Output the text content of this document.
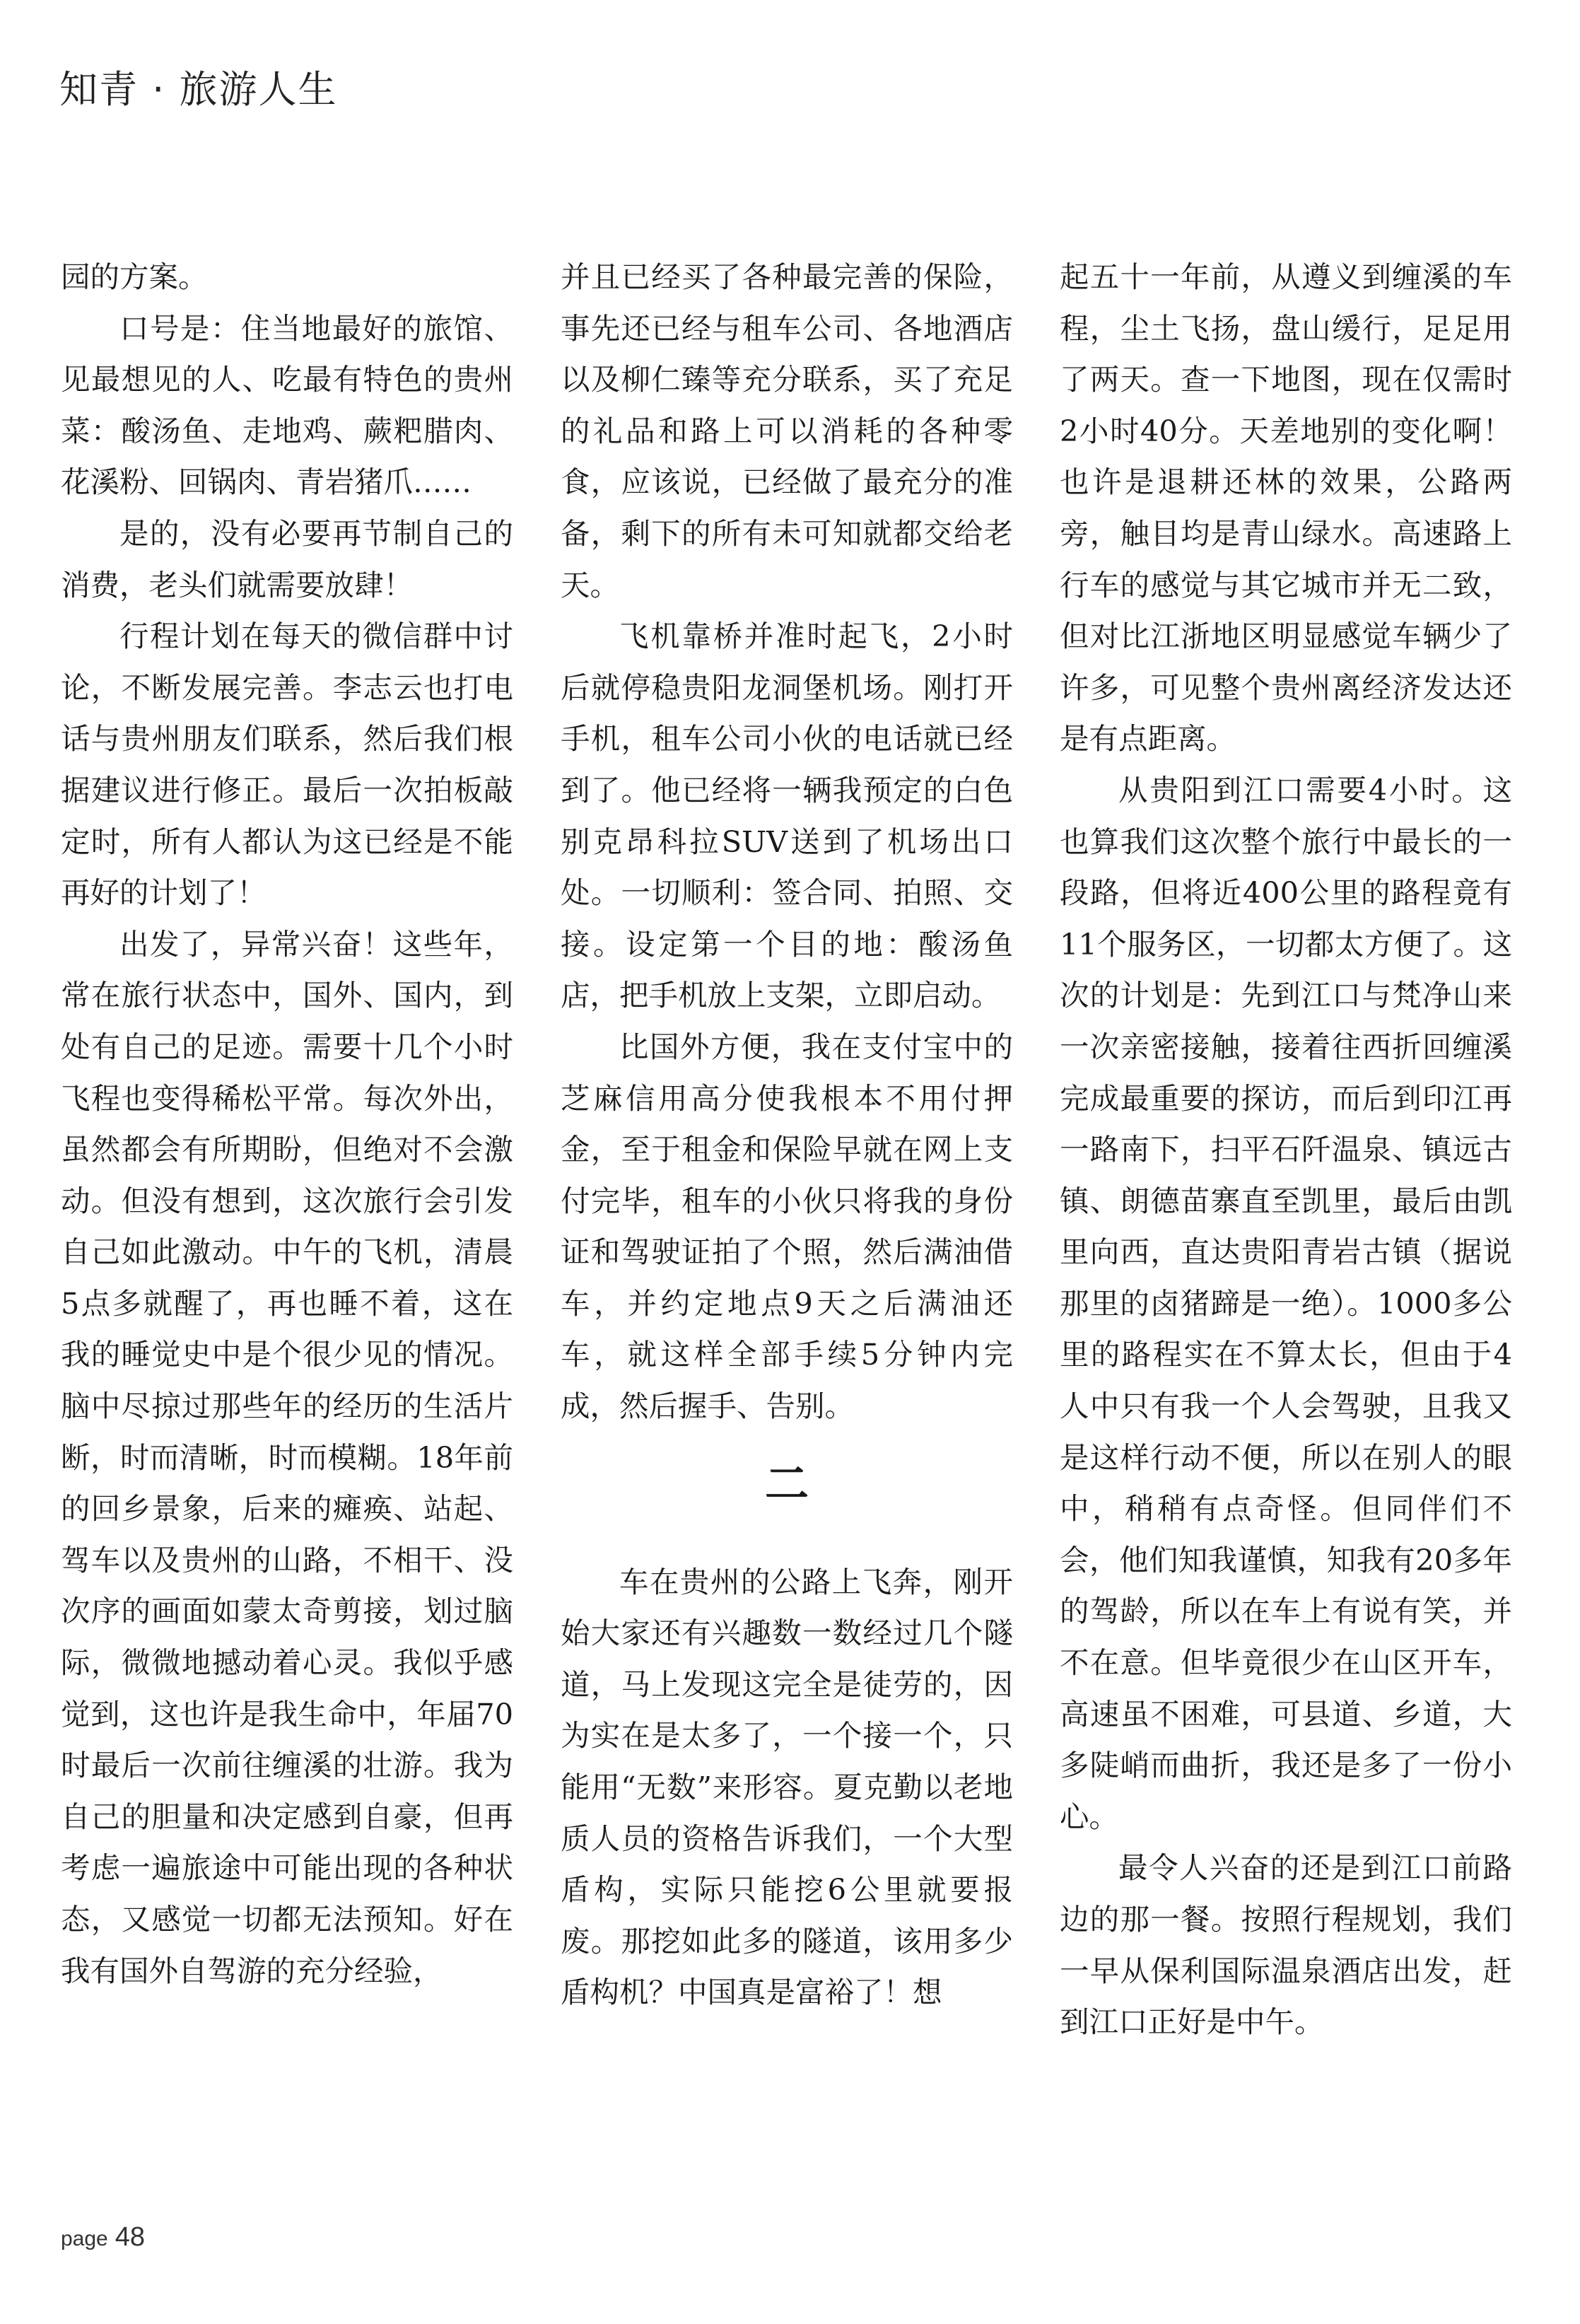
知青 · 旅游人生

园的方案。

口号是：住当地最好的旅馆、见最想见的人、吃最有特色的贵州菜：酸汤鱼、走地鸡、蕨粑腊肉、花溪粉、回锅肉、青岩猪爪……

是的，没有必要再节制自己的消费，老头们就需要放肆！

行程计划在每天的微信群中讨论，不断发展完善。李志云也打电话与贵州朋友们联系，然后我们根据建议进行修正。最后一次拍板敲定时，所有人都认为这已经是不能再好的计划了！

出发了，异常兴奋！这些年，常在旅行状态中，国外、国内，到处有自己的足迹。需要十几个小时飞程也变得稀松平常。每次外出，虽然都会有所期盼，但绝对不会激动。但没有想到，这次旅行会引发自己如此激动。中午的飞机，清晨5点多就醒了，再也睡不着，这在我的睡觉史中是个很少见的情况。脑中尽掠过那些年的经历的生活片断，时而清晰，时而模糊。18年前的回乡景象，后来的瘫痪、站起、驾车以及贵州的山路，不相干、没次序的画面如蒙太奇剪接，划过脑际，微微地撼动着心灵。我似乎感觉到，这也许是我生命中，年届70时最后一次前往缠溪的壮游。我为自己的胆量和决定感到自豪，但再考虑一遍旅途中可能出现的各种状态，又感觉一切都无法预知。好在我有国外自驾游的充分经验，

并且已经买了各种最完善的保险，事先还已经与租车公司、各地酒店以及柳仁臻等充分联系，买了充足的礼品和路上可以消耗的各种零食，应该说，已经做了最充分的准备，剩下的所有未可知就都交给老天。

飞机靠桥并准时起飞，2小时后就停稳贵阳龙洞堡机场。刚打开手机，租车公司小伙的电话就已经到了。他已经将一辆我预定的白色别克昂科拉SUV送到了机场出口处。一切顺利：签合同、拍照、交接。设定第一个目的地：酸汤鱼店，把手机放上支架，立即启动。

比国外方便，我在支付宝中的芝麻信用高分使我根本不用付押金，至于租金和保险早就在网上支付完毕，租车的小伙只将我的身份证和驾驶证拍了个照，然后满油借车，并约定地点9天之后满油还车，就这样全部手续5分钟内完成，然后握手、告别。

二

车在贵州的公路上飞奔，刚开始大家还有兴趣数一数经过几个隧道，马上发现这完全是徒劳的，因为实在是太多了，一个接一个，只能用“无数”来形容。夏克勤以老地质人员的资格告诉我们，一个大型盾构，实际只能挖6公里就要报废。那挖如此多的隧道，该用多少盾构机？中国真是富裕了！想

起五十一年前，从遵义到缠溪的车程，尘土飞扬，盘山缓行，足足用了两天。查一下地图，现在仅需时2小时40分。天差地别的变化啊！也许是退耕还林的效果，公路两旁，触目均是青山绿水。高速路上行车的感觉与其它城市并无二致，但对比江浙地区明显感觉车辆少了许多，可见整个贵州离经济发达还是有点距离。

从贵阳到江口需要4小时。这也算我们这次整个旅行中最长的一段路，但将近400公里的路程竟有11个服务区，一切都太方便了。这次的计划是：先到江口与梵净山来一次亲密接触，接着往西折回缠溪完成最重要的探访，而后到印江再一路南下，扫平石阡温泉、镇远古镇、朗德苗寨直至凯里，最后由凯里向西，直达贵阳青岩古镇（据说那里的卤猪蹄是一绝）。1000多公里的路程实在不算太长，但由于4人中只有我一个人会驾驶，且我又是这样行动不便，所以在别人的眼中，稍稍有点奇怪。但同伴们不会，他们知我谨慎，知我有20多年的驾龄，所以在车上有说有笑，并不在意。但毕竟很少在山区开车，高速虽不困难，可县道、乡道，大多陡峭而曲折，我还是多了一份小心。

最令人兴奋的还是到江口前路边的那一餐。按照行程规划，我们一早从保利国际温泉酒店出发，赶到江口正好是中午。

page 48
